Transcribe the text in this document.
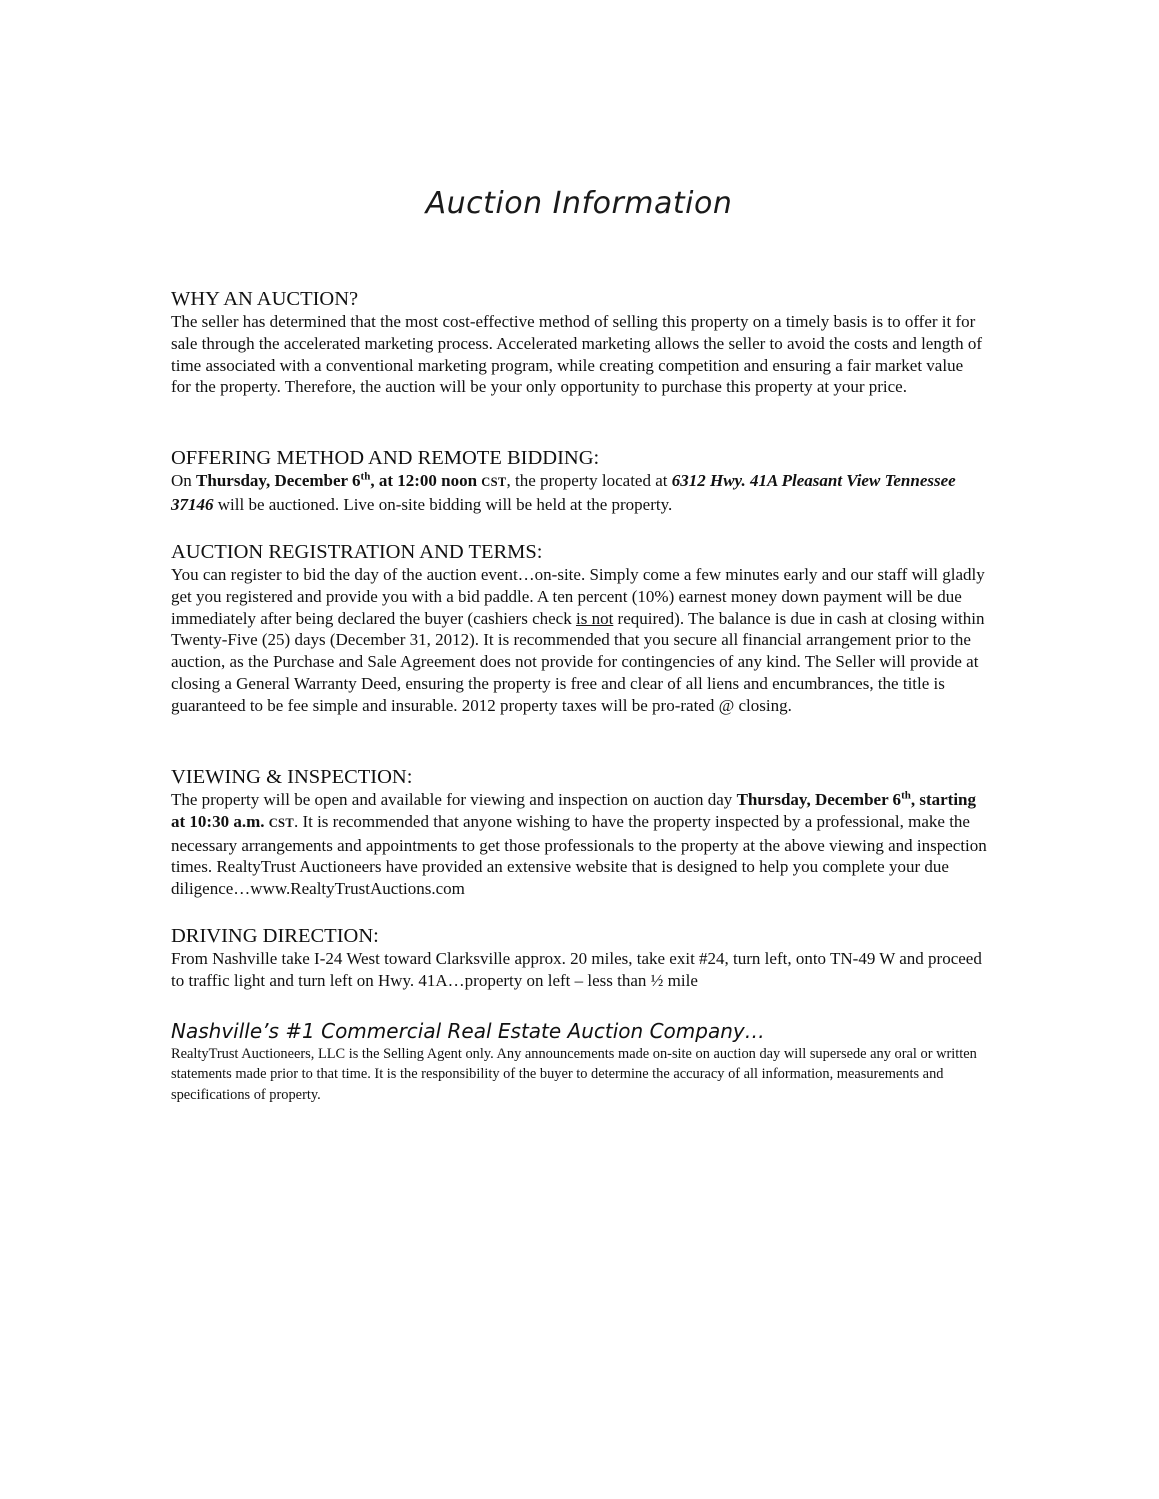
Auction Information

WHY AN AUCTION?

The seller has determined that the most cost-effective method of selling this property on a timely basis is to offer it for sale through the accelerated marketing process. Accelerated marketing allows the seller to avoid the costs and length of time associated with a conventional marketing program, while creating competition and ensuring a fair market value for the property. Therefore, the auction will be your only opportunity to purchase this property at your price.

OFFERING METHOD AND REMOTE BIDDING:

On Thursday, December 6th, at 12:00 noon CST, the property located at 6312 Hwy. 41A Pleasant View Tennessee 37146 will be auctioned. Live on-site bidding will be held at the property.

AUCTION REGISTRATION AND TERMS:

You can register to bid the day of the auction event…on-site. Simply come a few minutes early and our staff will gladly get you registered and provide you with a bid paddle. A ten percent (10%) earnest money down payment will be due immediately after being declared the buyer (cashiers check is not required). The balance is due in cash at closing within Twenty-Five (25) days (December 31, 2012). It is recommended that you secure all financial arrangement prior to the auction, as the Purchase and Sale Agreement does not provide for contingencies of any kind. The Seller will provide at closing a General Warranty Deed, ensuring the property is free and clear of all liens and encumbrances, the title is guaranteed to be fee simple and insurable. 2012 property taxes will be pro-rated @ closing.

VIEWING & INSPECTION:

The property will be open and available for viewing and inspection on auction day Thursday, December 6th, starting at 10:30 a.m. CST. It is recommended that anyone wishing to have the property inspected by a professional, make the necessary arrangements and appointments to get those professionals to the property at the above viewing and inspection times. RealtyTrust Auctioneers have provided an extensive website that is designed to help you complete your due diligence…www.RealtyTrustAuctions.com

DRIVING DIRECTION:

From Nashville take I-24 West toward Clarksville approx. 20 miles, take exit #24, turn left, onto TN-49 W and proceed to traffic light and turn left on Hwy. 41A…property on left – less than ½ mile

Nashville’s #1 Commercial Real Estate Auction Company…

RealtyTrust Auctioneers, LLC is the Selling Agent only. Any announcements made on-site on auction day will supersede any oral or written statements made prior to that time. It is the responsibility of the buyer to determine the accuracy of all information, measurements and specifications of property.
